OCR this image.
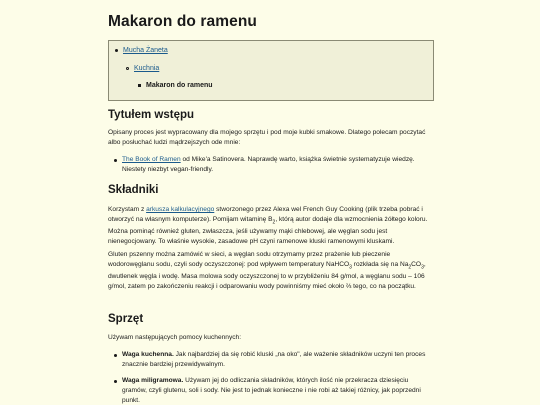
Makaron do ramenu
Mucha Żaneta
Kuchnia
Makaron do ramenu
Tytułem wstępu
Opisany proces jest wypracowany dla mojego sprzętu i pod moje kubki smakowe. Dlatego polecam poczytać albo posłuchać ludzi mądrzejszych ode mnie:
The Book of Ramen od Mike'a Satinovera. Naprawdę warto, książka świetnie systematyzuje wiedzę. Niestety niezbyt vegan-friendly.
Składniki
Korzystam z arkusza kalkulacyjnego stworzonego przez Alexa wel French Guy Cooking (plik trzeba pobrać i otworzyć na własnym komputerze). Pomijam witaminę $B_2$, którą autor dodaje dla wzmocnienia żółtego koloru. Można pominąć również gluten, zwłaszcza, jeśli używamy mąki chlebowej, ale węglan sodu jest nienegocjowany. To właśnie wysokie, zasadowe pH czyni ramenowe kluski ramenowymi kluskami.
Gluten pszenny można zamówić w sieci, a węglan sodu otrzymamy przez prażenie lub pieczenie wodorowęglanu sodu, czyli sody oczyszczonej: pod wpływem temperatury NaHCO$_3$ rozkłada się na $Na_2CO_3$, dwutlenek węgla i wodę. Masa molowa sody oczyszczonej to w przybliżeniu 84 g/mol, a węglanu sodu – 106 g/mol, zatem po zakończeniu reakcji i odparowaniu wody powinniśmy mieć około ⅔ tego, co na początku.
Sprzęt
Używam następujących pomocy kuchennych:
Waga kuchenna. Jak najbardziej da się robić kluski „na oko", ale ważenie składników uczyni ten proces znacznie bardziej przewidywalnym.
Waga miligramowa. Używam jej do odliczania składników, których ilość nie przekracza dziesięciu gramów, czyli glutenu, soli i sody. Nie jest to jednak konieczne i nie robi aż takiej różnicy, jak poprzedni punkt.
